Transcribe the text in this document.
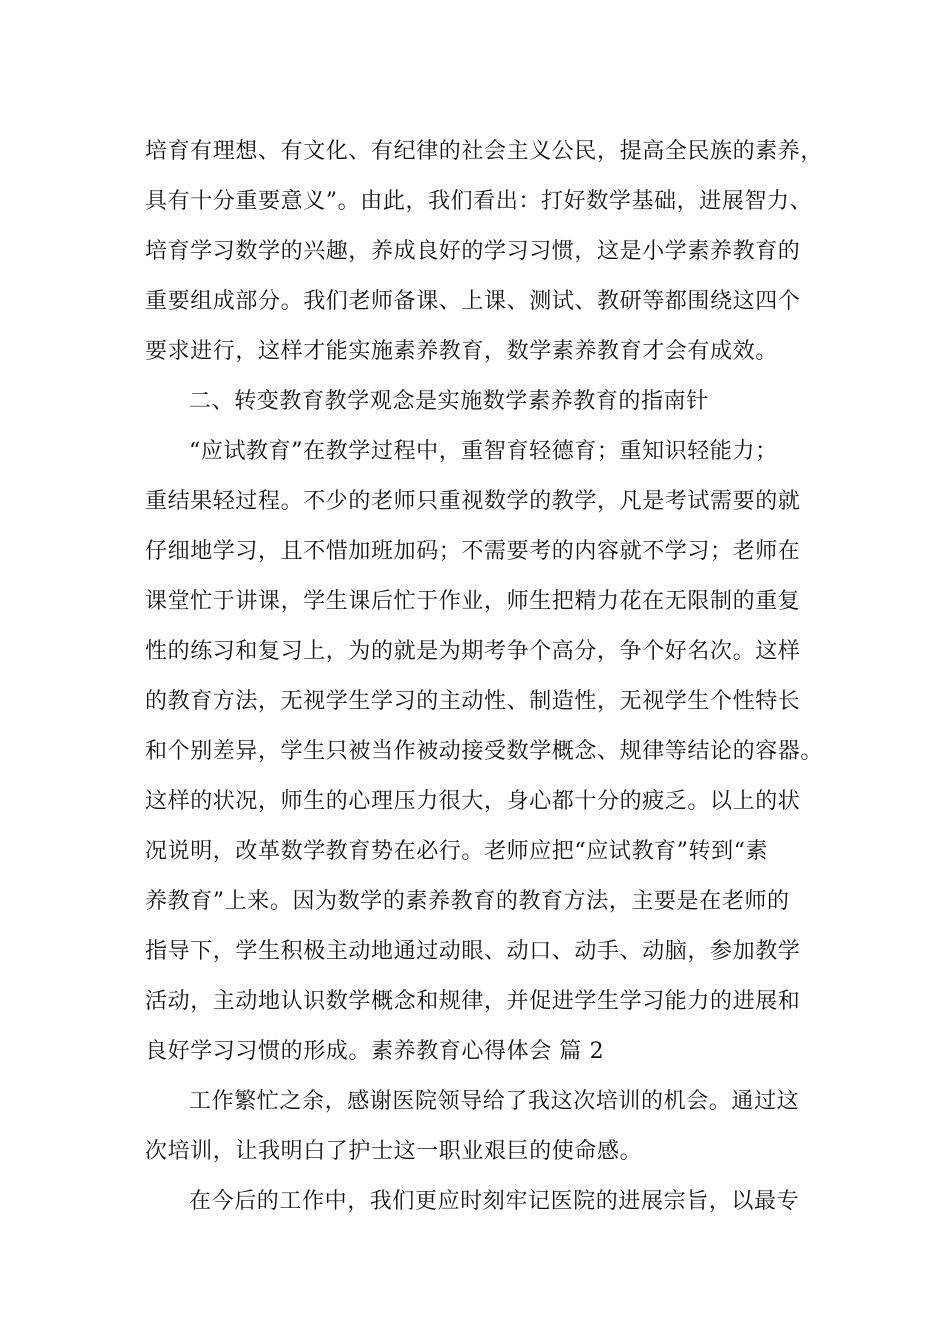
培育有理想、有文化、有纪律的社会主义公民，提高全民族的素养，
具有十分重要意义”。由此，我们看出：打好数学基础，进展智力、
培育学习数学的兴趣，养成良好的学习习惯，这是小学素养教育的
重要组成部分。我们老师备课、上课、测试、教研等都围绕这四个
要求进行，这样才能实施素养教育，数学素养教育才会有成效。
二、转变教育教学观念是实施数学素养教育的指南针
“应试教育”在教学过程中，重智育轻德育；重知识轻能力；
重结果轻过程。不少的老师只重视数学的教学，凡是考试需要的就
仔细地学习，且不惜加班加码；不需要考的内容就不学习；老师在
课堂忙于讲课，学生课后忙于作业，师生把精力花在无限制的重复
性的练习和复习上，为的就是为期考争个高分，争个好名次。这样
的教育方法，无视学生学习的主动性、制造性，无视学生个性特长
和个别差异，学生只被当作被动接受数学概念、规律等结论的容器。
这样的状况，师生的心理压力很大，身心都十分的疲乏。以上的状
况说明，改革数学教育势在必行。老师应把“应试教育”转到“素
养教育”上来。因为数学的素养教育的教育方法，主要是在老师的
指导下，学生积极主动地通过动眼、动口、动手、动脑，参加教学
活动，主动地认识数学概念和规律，并促进学生学习能力的进展和
良好学习习惯的形成。素养教育心得体会 篇 2
工作繁忙之余，感谢医院领导给了我这次培训的机会。通过这
次培训，让我明白了护士这一职业艰巨的使命感。
在今后的工作中，我们更应时刻牢记医院的进展宗旨，以最专
